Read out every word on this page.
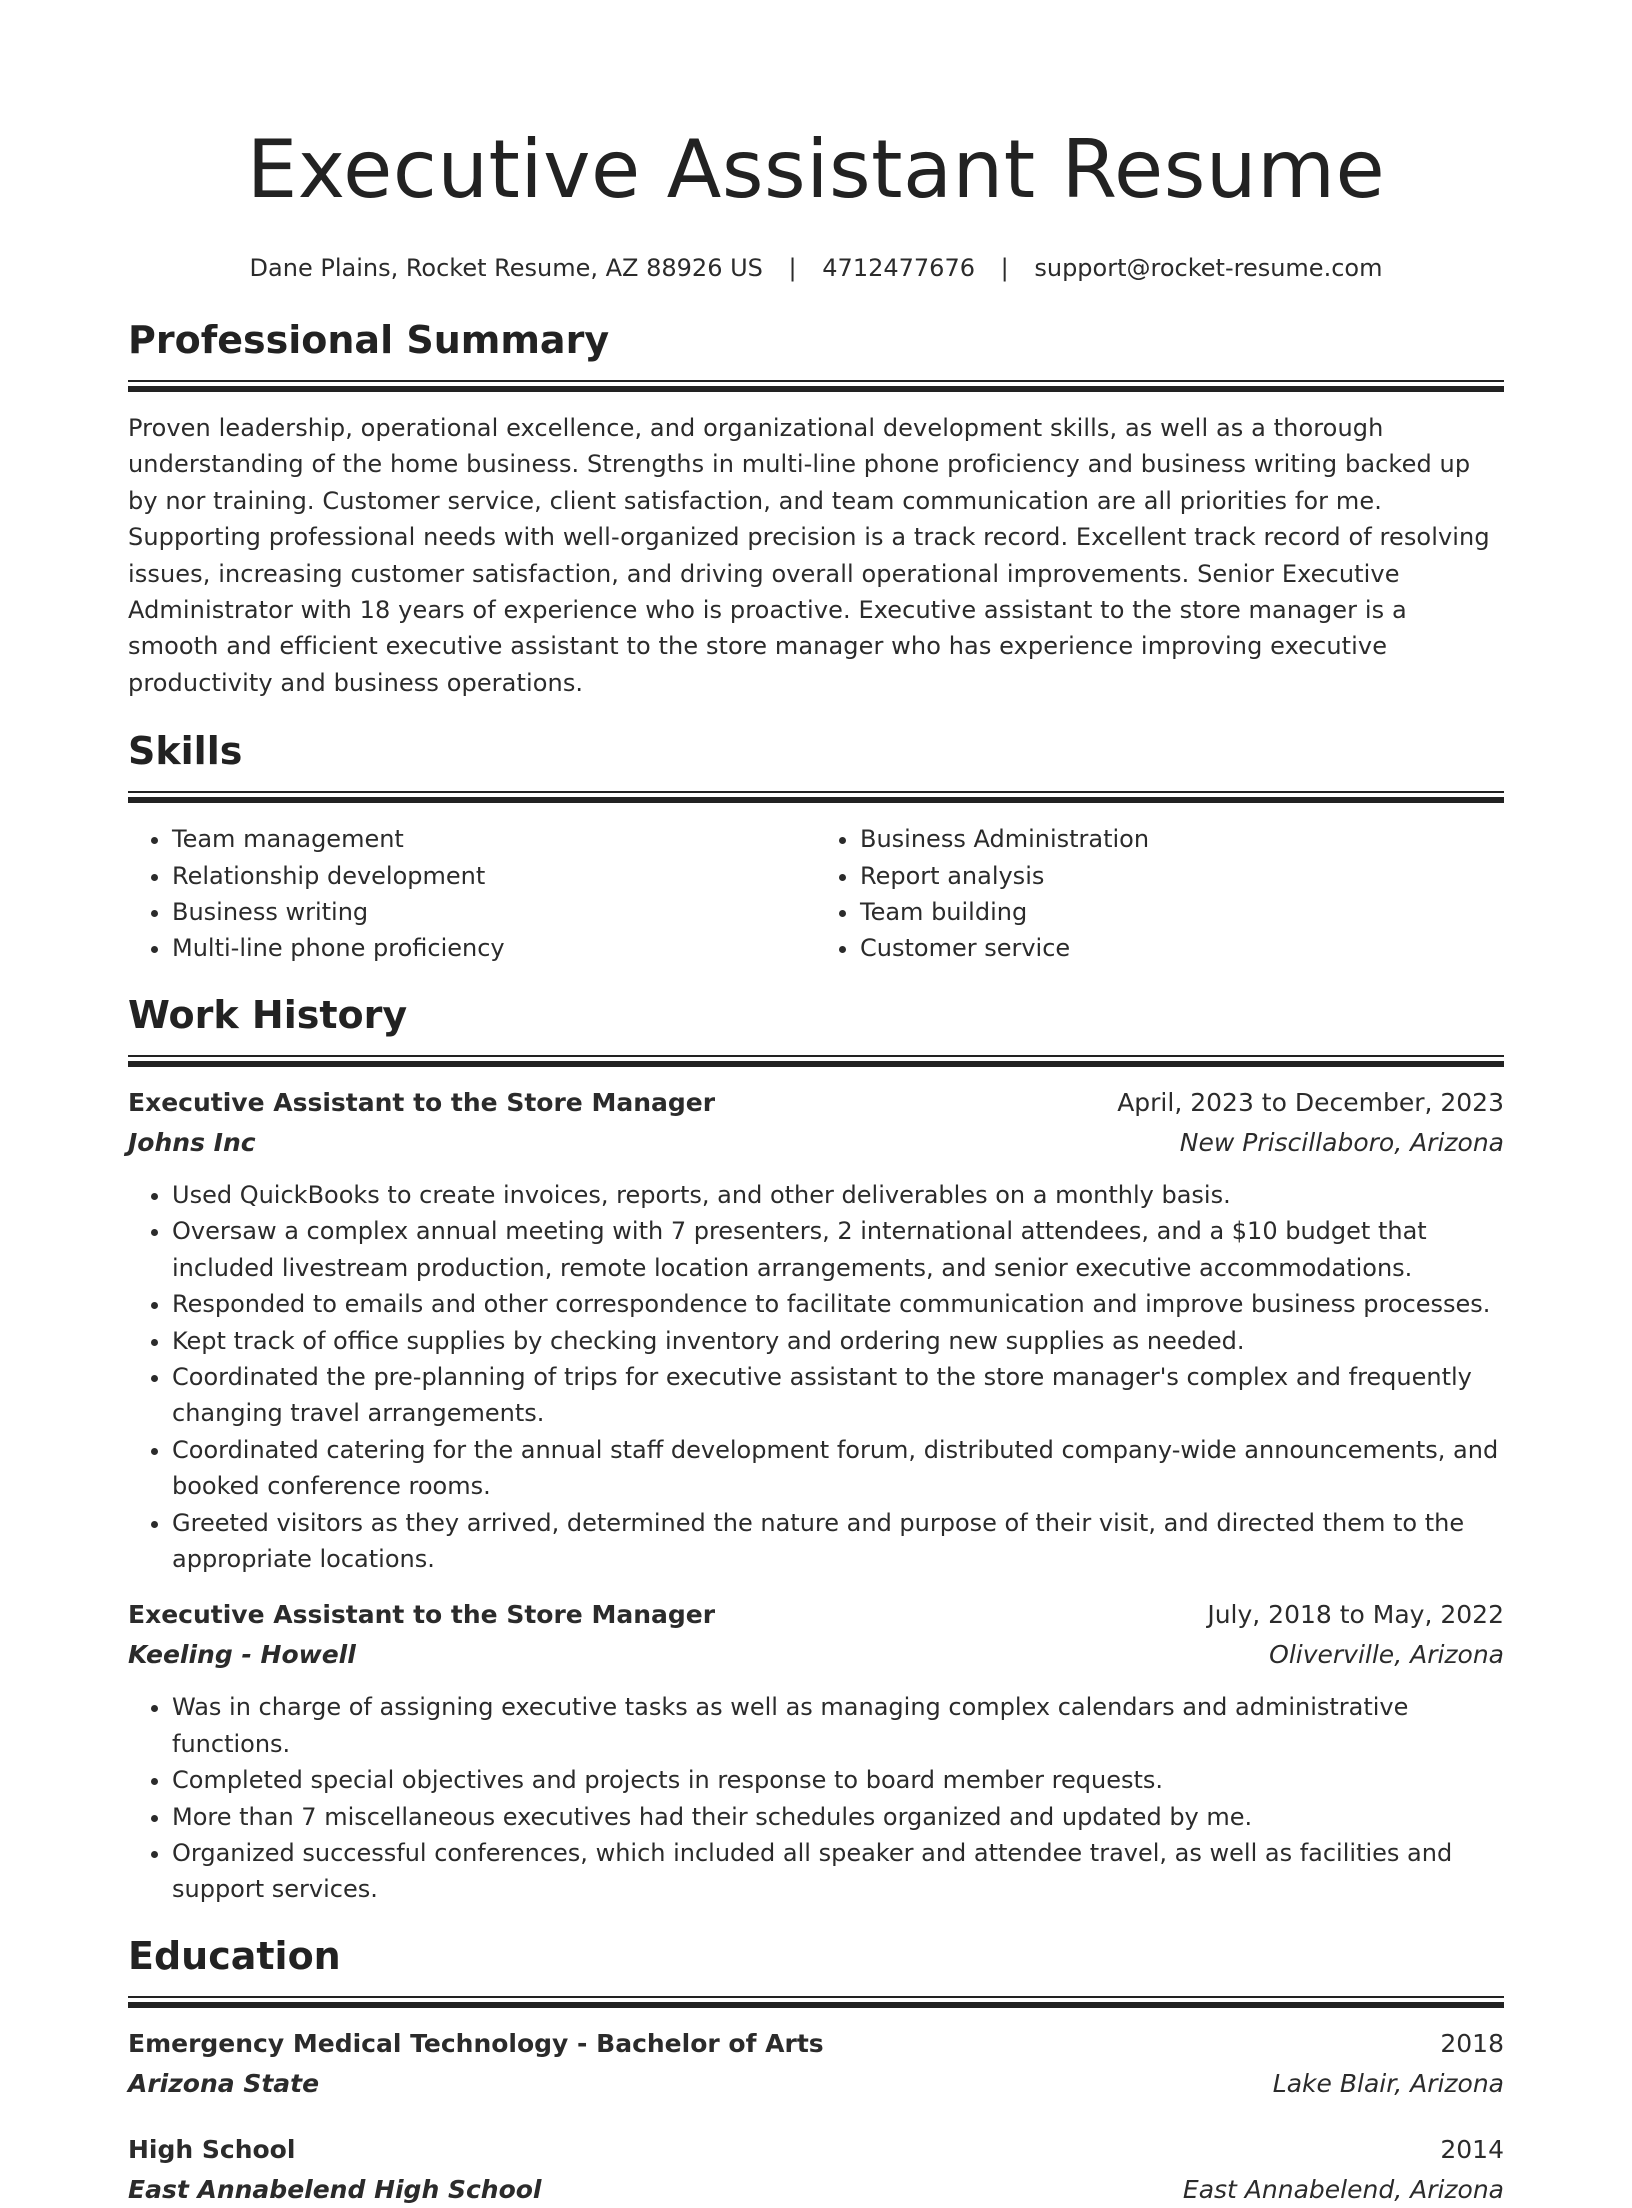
Executive Assistant Resume
Dane Plains, Rocket Resume, AZ 88926 US | 4712477676 | support@rocket-resume.com
Professional Summary

Proven leadership, operational excellence, and organizational development skills, as well as a thorough understanding of the home business. Strengths in multi-line phone proficiency and business writing backed up by nor training. Customer service, client satisfaction, and team communication are all priorities for me. Supporting professional needs with well-organized precision is a track record. Excellent track record of resolving issues, increasing customer satisfaction, and driving overall operational improvements. Senior Executive Administrator with 18 years of experience who is proactive. Executive assistant to the store manager is a smooth and efficient executive assistant to the store manager who has experience improving executive productivity and business operations.

Skills
• Team management
• Relationship development
• Business writing
• Multi-line phone proficiency
• Business Administration
• Report analysis
• Team building
• Customer service
Work History
Executive Assistant to the Store Manager	April, 2023 to December, 2023
Johns Inc	New Priscillaboro, Arizona
• Used QuickBooks to create invoices, reports, and other deliverables on a monthly basis.
• Oversaw a complex annual meeting with 7 presenters, 2 international attendees, and a $10 budget that included livestream production, remote location arrangements, and senior executive accommodations.
• Responded to emails and other correspondence to facilitate communication and improve business processes.
• Kept track of office supplies by checking inventory and ordering new supplies as needed.
• Coordinated the pre-planning of trips for executive assistant to the store manager's complex and frequently changing travel arrangements.
• Coordinated catering for the annual staff development forum, distributed company-wide announcements, and booked conference rooms.
• Greeted visitors as they arrived, determined the nature and purpose of their visit, and directed them to the appropriate locations.
Executive Assistant to the Store Manager	July, 2018 to May, 2022
Keeling - Howell	Oliverville, Arizona
• Was in charge of assigning executive tasks as well as managing complex calendars and administrative functions.
• Completed special objectives and projects in response to board member requests.
• More than 7 miscellaneous executives had their schedules organized and updated by me.
• Organized successful conferences, which included all speaker and attendee travel, as well as facilities and support services.
Education
Emergency Medical Technology - Bachelor of Arts	2018
Arizona State	Lake Blair, Arizona
High School	2014
East Annabelend High School	East Annabelend, Arizona
